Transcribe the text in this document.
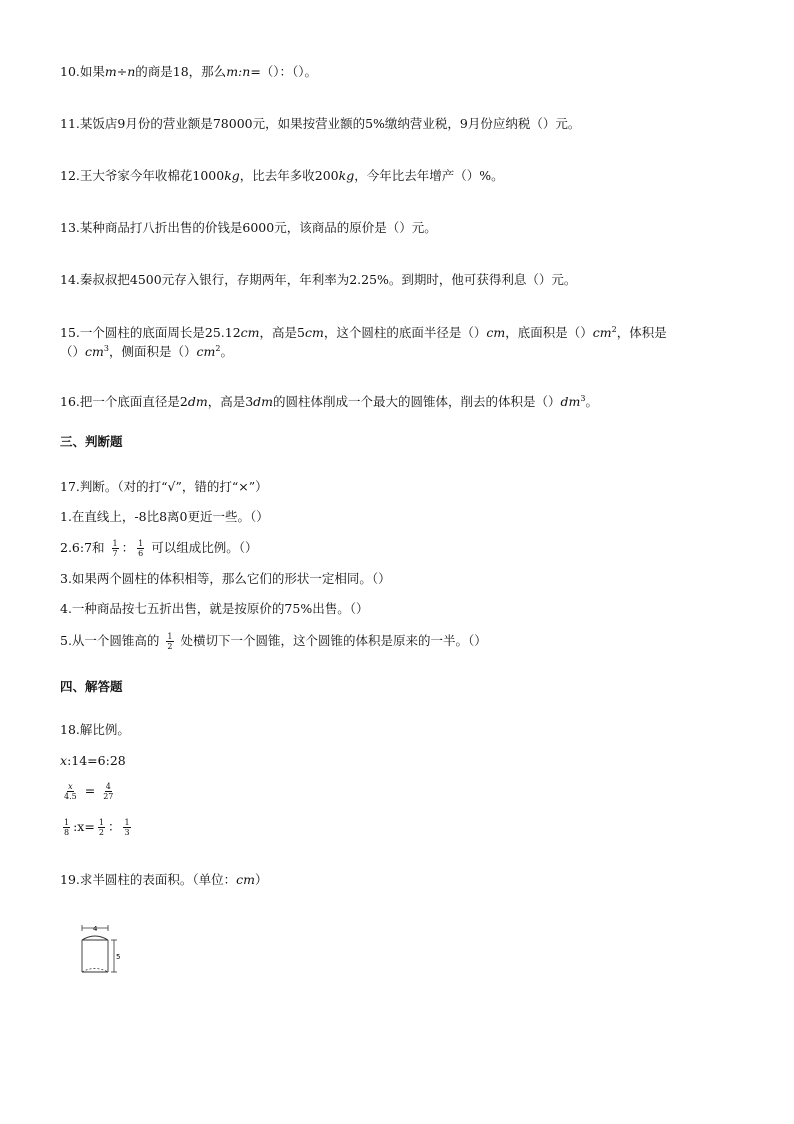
10.如果m÷n的商是18，那么m:n=（）：（）。
11.某饭店9月份的营业额是78000元，如果按营业额的5%缴纳营业税，9月份应纳税（）元。
12.王大爷家今年收棉花1000kg，比去年多收200kg，今年比去年增产（）%。
13.某种商品打八折出售的价钱是6000元，该商品的原价是（）元。
14.秦叔叔把4500元存入银行，存期两年，年利率为2.25%。到期时，他可获得利息（）元。
15.一个圆柱的底面周长是25.12cm，高是5cm，这个圆柱的底面半径是（）cm，底面积是$()cm^2$，体积是
$()cm^3$，侧面积是$()cm^2$。
16.把一个底面直径是2dm，高是3dm的圆柱体削成一个最大的圆锥体，削去的体积是$()dm^3$。
三、判断题
17.判断。（对的打“√”，错的打“×”）
1.在直线上，-8比8离0更近一些。（）
2.6:7和 $\frac{1}{7}$ ： $\frac{1}{6}$ 可以组成比例。（）
3.如果两个圆柱的体积相等，那么它们的形状一定相同。（）
4.一种商品按七五折出售，就是按原价的75%出售。（）
5.从一个圆锥高的 $\frac{1}{2}$ 处横切下一个圆锥，这个圆锥的体积是原来的一半。（）
四、解答题
18.解比例。
x:14=6:28
$\frac{x}{4.5} = \frac{4}{27}$
$\frac{1}{8}$ :x= $\frac{1}{2}$ ： $\frac{1}{3}$
19.求半圆柱的表面积。（单位：cm）
4
5
